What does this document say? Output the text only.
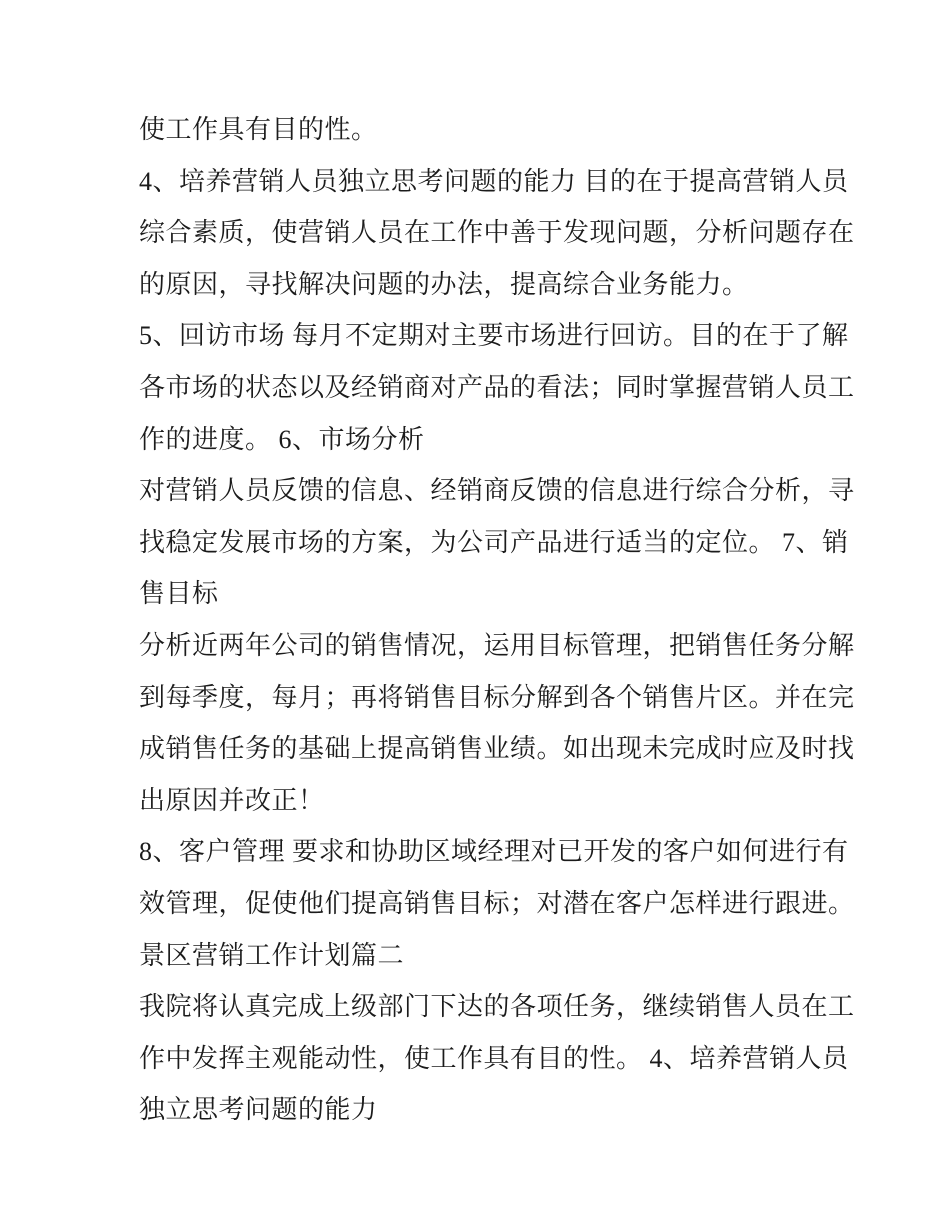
使工作具有目的性。
4、培养营销人员独立思考问题的能力 目的在于提高营销人员
综合素质，使营销人员在工作中善于发现问题，分析问题存在
的原因，寻找解决问题的办法，提高综合业务能力。
5、回访市场 每月不定期对主要市场进行回访。目的在于了解
各市场的状态以及经销商对产品的看法；同时掌握营销人员工
作的进度。 6、市场分析
对营销人员反馈的信息、经销商反馈的信息进行综合分析，寻
找稳定发展市场的方案，为公司产品进行适当的定位。 7、销
售目标
分析近两年公司的销售情况，运用目标管理，把销售任务分解
到每季度，每月；再将销售目标分解到各个销售片区。并在完
成销售任务的基础上提高销售业绩。如出现未完成时应及时找
出原因并改正！
8、客户管理 要求和协助区域经理对已开发的客户如何进行有
效管理，促使他们提高销售目标；对潜在客户怎样进行跟进。
景区营销工作计划篇二
我院将认真完成上级部门下达的各项任务，继续销售人员在工
作中发挥主观能动性，使工作具有目的性。 4、培养营销人员
独立思考问题的能力
